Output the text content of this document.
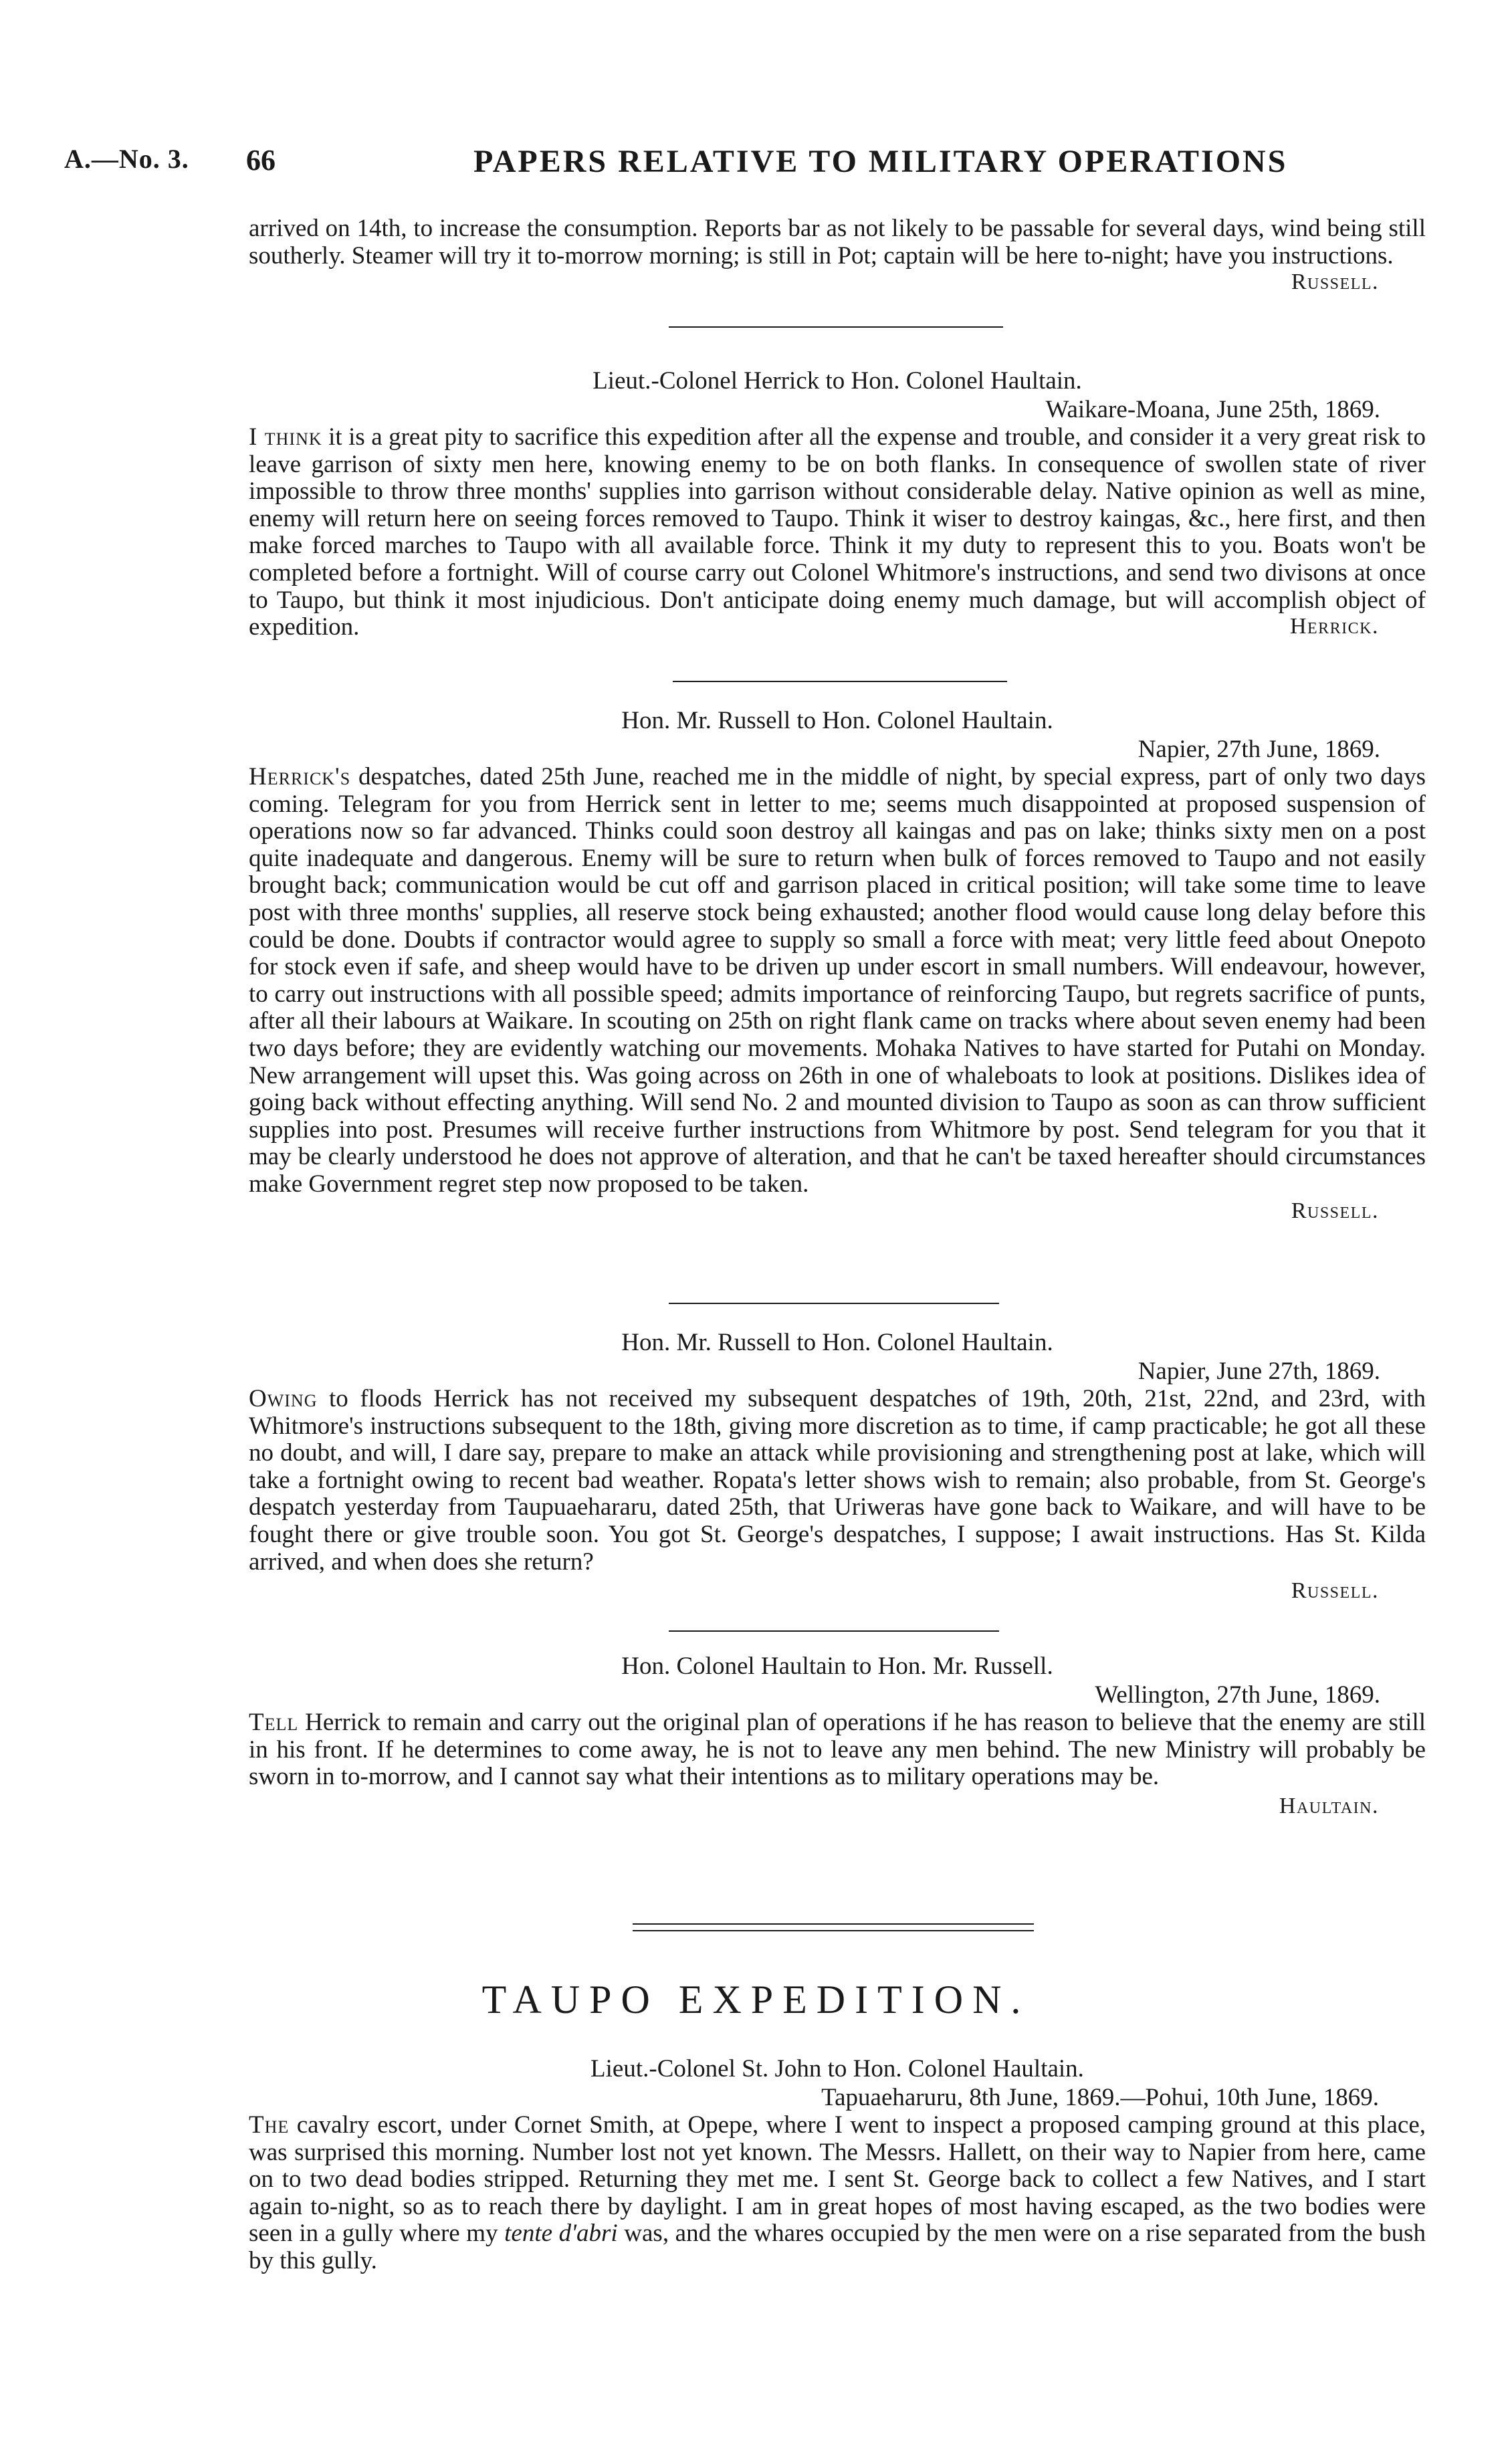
A.—No. 3. 66	PAPERS RELATIVE TO MILITARY OPERATIONS

arrived on 14th, to increase the consumption. Reports bar as not likely to be passable for several days, wind being still southerly. Steamer will try it to-morrow morning; is still in Pot; captain will be here to-night; have you instructions.

Russell.
Lieut.-Colonel Herrick to Hon. Colonel Haultain.
Waikare-Moana, June 25th, 1869.

I think it is a great pity to sacrifice this expedition after all the expense and trouble, and consider it a very great risk to leave garrison of sixty men here, knowing enemy to be on both flanks. In consequence of swollen state of river impossible to throw three months' supplies into garrison without considerable delay. Native opinion as well as mine, enemy will return here on seeing forces removed to Taupo. Think it wiser to destroy kaingas, &c., here first, and then make forced marches to Taupo with all available force. Think it my duty to represent this to you. Boats won't be completed before a fortnight. Will of course carry out Colonel Whitmore's instructions, and send two divisons at once to Taupo, but think it most injudicious. Don't anticipate doing enemy much damage, but will accomplish object of expedition.	Herrick.
Hon. Mr. Russell to Hon. Colonel Haultain.
Napier, 27th June, 1869.

Herrick's despatches, dated 25th June, reached me in the middle of night, by special express, part of only two days coming. Telegram for you from Herrick sent in letter to me; seems much disappointed at proposed suspension of operations now so far advanced. Thinks could soon destroy all kaingas and pas on lake; thinks sixty men on a post quite inadequate and dangerous. Enemy will be sure to return when bulk of forces removed to Taupo and not easily brought back; communication would be cut off and garrison placed in critical position; will take some time to leave post with three months' supplies, all reserve stock being exhausted; another flood would cause long delay before this could be done. Doubts if contractor would agree to supply so small a force with meat; very little feed about Onepoto for stock even if safe, and sheep would have to be driven up under escort in small numbers. Will endeavour, however, to carry out instructions with all possible speed; admits importance of reinforcing Taupo, but regrets sacrifice of punts, after all their labours at Waikare. In scouting on 25th on right flank came on tracks where about seven enemy had been two days before; they are evidently watching our movements. Mohaka Natives to have started for Putahi on Monday. New arrangement will upset this. Was going across on 26th in one of whaleboats to look at positions. Dislikes idea of going back without effecting anything. Will send No. 2 and mounted division to Taupo as soon as can throw sufficient supplies into post. Presumes will receive further instructions from Whitmore by post. Send telegram for you that it may be clearly understood he does not approve of alteration, and that he can't be taxed hereafter should circumstances make Government regret step now proposed to be taken.

Russell.
Hon. Mr. Russell to Hon. Colonel Haultain.
Napier, June 27th, 1869.

Owing to floods Herrick has not received my subsequent despatches of 19th, 20th, 21st, 22nd, and 23rd, with Whitmore's instructions subsequent to the 18th, giving more discretion as to time, if camp practicable; he got all these no doubt, and will, I dare say, prepare to make an attack while provisioning and strengthening post at lake, which will take a fortnight owing to recent bad weather. Ropata's letter shows wish to remain; also probable, from St. George's despatch yesterday from Taupuaehararu, dated 25th, that Uriweras have gone back to Waikare, and will have to be fought there or give trouble soon. You got St. George's despatches, I suppose; I await instructions. Has St. Kilda arrived, and when does she return?

Russell.
Hon. Colonel Haultain to Hon. Mr. Russell.
Wellington, 27th June, 1869.

Tell Herrick to remain and carry out the original plan of operations if he has reason to believe that the enemy are still in his front. If he determines to come away, he is not to leave any men behind. The new Ministry will probably be sworn in to-morrow, and I cannot say what their intentions as to military operations may be.

Haultain.
TAUPO EXPEDITION.
Lieut.-Colonel St. John to Hon. Colonel Haultain.
Tapuaeharuru, 8th June, 1869.—Pohui, 10th June, 1869.

The cavalry escort, under Cornet Smith, at Opepe, where I went to inspect a proposed camping ground at this place, was surprised this morning. Number lost not yet known. The Messrs. Hallett, on their way to Napier from here, came on to two dead bodies stripped. Returning they met me. I sent St. George back to collect a few Natives, and I start again to-night, so as to reach there by daylight. I am in great hopes of most having escaped, as the two bodies were seen in a gully where my tente d'abri was, and the whares occupied by the men were on a rise separated from the bush by this gully.
